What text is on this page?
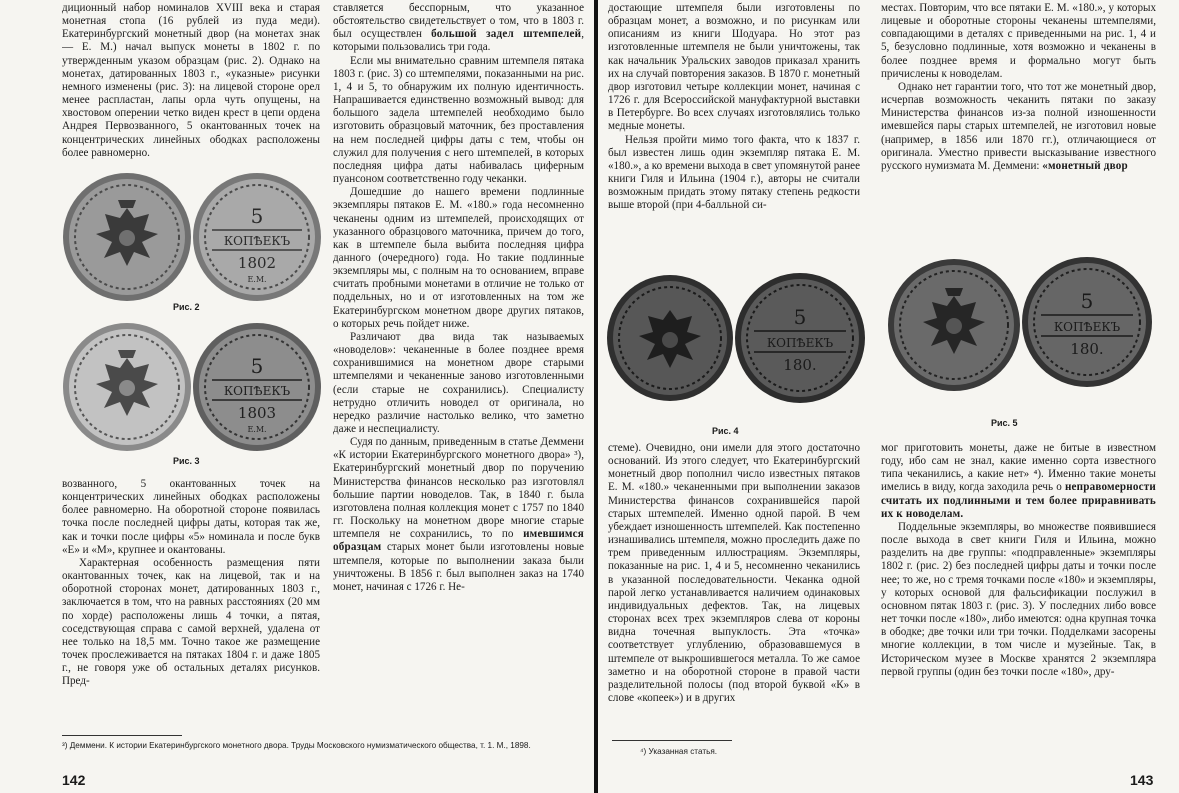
диционный набор номиналов XVIII века и старая монетная стопа (16 рублей из пуда меди). Екатеринбургский монетный двор (на монетах знак — Е. М.) начал выпуск монеты в 1802 г. по утвержденным указом образцам (рис. 2). Однако на монетах, датированных 1803 г., «указные» рисунки немного изменены (рис. 3): на лицевой стороне орел менее распластан, лапы орла чуть опущены, на хвостовом оперении четко виден крест в цепи ордена Андрея Первозванного, 5 окантованных точек на концентрических линейных ободках расположены более равномерно.

5
КОПѢЕКЪ
1802
Е.М.
Рис. 2
5
КОПѢЕКЪ
1803
Е.М.
Рис. 3

возванного, 5 окантованных точек на концентрических линейных ободках расположены более равномерно. На оборотной стороне появилась точка после последней цифры даты, которая так же, как и точки после цифры «5» номинала и после букв «Е» и «М», крупнее и окантованы.

Характерная особенность размещения пяти окантованных точек, как на лицевой, так и на оборотной сторонах монет, датированных 1803 г., заключается в том, что на равных расстояниях (20 мм по хорде) расположены лишь 4 точки, а пятая, соседствующая справа с самой верхней, удалена от нее только на 18,5 мм. Точно такое же размещение точек прослеживается на пятаках 1804 г. и даже 1805 г., не говоря уже об остальных деталях рисунков. Пред-

ставляется бесспорным, что указанное обстоятельство свидетельствует о том, что в 1803 г. был осуществлен большой задел штемпелей, которыми пользовались три года.

Если мы внимательно сравним штемпеля пятака 1803 г. (рис. 3) со штемпелями, показанными на рис. 1, 4 и 5, то обнаружим их полную идентичность. Напрашивается единственно возможный вывод: для большого задела штемпелей необходимо было изготовить образцовый маточник, без проставления на нем последней цифры даты с тем, чтобы он служил для получения с него штемпелей, в которых последняя цифра даты набивалась циферным пуансоном соответственно году чеканки.

Дошедшие до нашего времени подлинные экземпляры пятаков Е. М. «180.» года несомненно чеканены одним из штемпелей, происходящих от указанного образцового маточника, причем до того, как в штемпеле была выбита последняя цифра данного (очередного) года. Но такие подлинные экземпляры мы, с полным на то основанием, вправе считать пробными монетами в отличие не только от поддельных, но и от изготовленных на том же Екатеринбургском монетном дворе других пятаков, о которых речь пойдет ниже.

Различают два вида так называемых «новоделов»: чеканенные в более позднее время сохранившимися на монетном дворе старыми штемпелями и чеканенные заново изготовленными (если старые не сохранились). Специалисту нетрудно отличить новодел от оригинала, но нередко различие настолько велико, что заметно даже и неспециалисту.

Судя по данным, приведенным в статье Деммени «К истории Екатеринбургского монетного двора» ³), Екатеринбургский монетный двор по поручению Министерства финансов несколько раз изготовлял большие партии новоделов. Так, в 1840 г. была изготовлена полная коллекция монет с 1757 по 1840 гг. Поскольку на монетном дворе многие старые штемпеля не сохранились, то по имевшимся образцам старых монет были изготовлены новые штемпеля, которые по выполнении заказа были уничтожены. В 1856 г. был выполнен заказ на 1740 монет, начиная с 1726 г. Не-

³) Деммени. К истории Екатеринбургского монетного двора. Труды Московского нумизматического общества, т. 1. М., 1898.
142

достающие штемпеля были изготовлены по образцам монет, а возможно, и по рисункам или описаниям из книги Шодуара. Но этот раз изготовленные штемпеля не были уничтожены, так как начальник Уральских заводов приказал хранить их на случай повторения заказов. В 1870 г. монетный двор изготовил четыре коллекции монет, начиная с 1726 г. для Всероссийской мануфактурной выставки в Петербурге. Во всех случаях изготовлялись только медные монеты.

Нельзя пройти мимо того факта, что к 1837 г. был известен лишь один экземпляр пятака Е. М. «180.», а ко времени выхода в свет упомянутой ранее книги Гиля и Ильина (1904 г.), авторы не считали возможным придать этому пятаку степень редкости выше второй (при 4-балльной си-

местах. Повторим, что все пятаки Е. М. «180.», у которых лицевые и оборотные стороны чеканены штемпелями, совпадающими в деталях с приведенными на рис. 1, 4 и 5, безусловно подлинные, хотя возможно и чеканены в более позднее время и формально могут быть причислены к новоделам.

Однако нет гарантии того, что тот же монетный двор, исчерпав возможность чеканить пятаки по заказу Министерства финансов из-за полной изношенности имевшейся пары старых штемпелей, не изготовил новые (например, в 1856 или 1870 гг.), отличающиеся от оригинала. Уместно привести высказывание известного русского нумизмата М. Деммени: «монетный двор

5
КОПѢЕКЪ
180.
Рис. 4
5
КОПѢЕКЪ
180.
Рис. 5

стеме). Очевидно, они имели для этого достаточно оснований. Из этого следует, что Екатеринбургский монетный двор пополнил число известных пятаков Е. М. «180.» чеканенными при выполнении заказов Министерства финансов сохранившейся парой старых штемпелей. Именно одной парой. В чем убеждает изношенность штемпелей. Как постепенно изнашивались штемпеля, можно проследить даже по трем приведенным иллюстрациям. Экземпляры, показанные на рис. 1, 4 и 5, несомненно чеканились в указанной последовательности. Чеканка одной парой легко устанавливается наличием одинаковых индивидуальных дефектов. Так, на лицевых сторонах всех трех экземпляров слева от короны видна точечная выпуклость. Эта «точка» соответствует углублению, образовавшемуся в штемпеле от выкрошившегося металла. То же самое заметно и на оборотной стороне в правой части разделительной полосы (под второй буквой «К» в слове «копеек») и в других

мог приготовить монеты, даже не битые в известном году, ибо сам не знал, какие именно сорта известного типа чеканились, а какие нет» ⁴). Именно такие монеты имелись в виду, когда заходила речь о неправомерности считать их подлинными и тем более приравнивать их к новоделам.

Поддельные экземпляры, во множестве появившиеся после выхода в свет книги Гиля и Ильина, можно разделить на две группы: «подправленные» экземпляры 1802 г. (рис. 2) без последней цифры даты и точки после нее; то же, но с тремя точками после «180» и экземпляры, у которых основой для фальсификации послужил в основном пятак 1803 г. (рис. 3). У последних либо вовсе нет точки после «180», либо имеются: одна крупная точка в ободке; две точки или три точки. Подделками засорены многие коллекции, в том числе и музейные. Так, в Историческом музее в Москве хранятся 2 экземпляра первой группы (один без точки после «180», дру-

⁴) Указанная статья.
143
